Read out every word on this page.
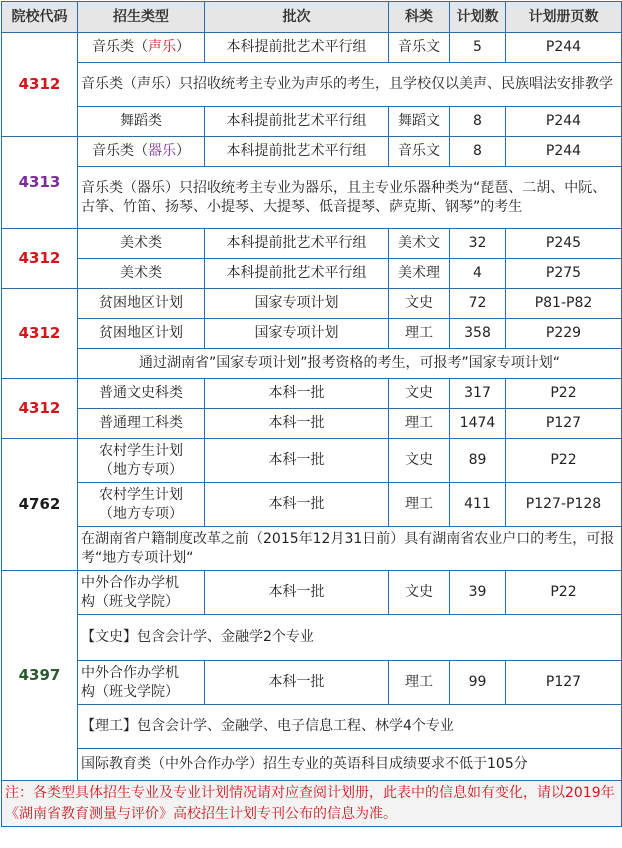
院校代码	招生类型	批次	科类	计划数	计划册页数
4312	音乐类（声乐）	本科提前批艺术平行组	音乐文	5	P244
	音乐类（声乐）只招收统考主专业为声乐的考生，且学校仅以美声、民族唱法安排教学				
	舞蹈类	本科提前批艺术平行组	舞蹈文	8	P244
4313	音乐类（器乐）	本科提前批艺术平行组	音乐文	8	P244
	音乐类（器乐）只招收统考主专业为器乐，且主专业乐器种类为“琵琶、二胡、中阮、古筝、竹笛、扬琴、小提琴、大提琴、低音提琴、萨克斯、钢琴”的考生				
4312	美术类	本科提前批艺术平行组	美术文	32	P245
	美术类	本科提前批艺术平行组	美术理	4	P275
4312	贫困地区计划	国家专项计划	文史	72	P81-P82
	贫困地区计划	国家专项计划	理工	358	P229
	通过湖南省”国家专项计划”报考资格的考生，可报考”国家专项计划“				
4312	普通文史科类	本科一批	文史	317	P22
	普通理工科类	本科一批	理工	1474	P127
4762	农村学生计划
（地方专项）	本科一批	文史	89	P22

	农村学生计划
（地方专项）	本科一批	理工	411	P127-P128
	在湖南省户籍制度改革之前（2015年12月31日前）具有湖南省农业户口的考生，可报考“地方专项计划“				
4397	中外合作办学机
构（班戈学院）	本科一批	文史	39	P22
	【文史】包含会计学、金融学2个专业				

	中外合作办学机
构（班戈学院）	本科一批	理工	99	P127
	【理工】包含会计学、金融学、电子信息工程、林学4个专业				
	国际教育类（中外合作办学）招生专业的英语科目成绩要求不低于105分				
注：各类型具体招生专业及专业计划情况请对应查阅计划册，此表中的信息如有变化，请以2019年《湖南省教育测量与评价》高校招生计划专刊公布的信息为准。					
